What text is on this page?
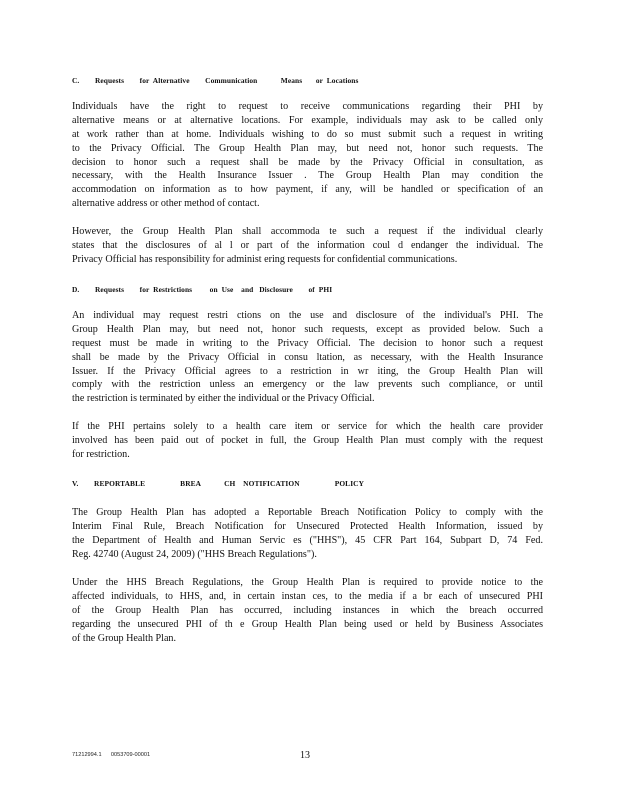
C.        Requests        for  Alternative        Communication            Means       or  Locations
Individuals have the right to request to receive communications regarding their PHI by
alternative means or at alternative locations. For example, individuals may ask to be called only
at work rather than at home. Individuals wishing to do so must submit such a request in writing
to the Privacy Official. The Group Health Plan may, but need not, honor such requests. The
decision to honor such a request shall be made by the Privacy Official in consultation, as
necessary, with the Health Insurance Issuer . The Group Health Plan may condition the
accommodation on information as to how payment, if any, will be handled or specification of an
alternative address or other method of contact.
However, the Group Health Plan shall accommoda te such a request if the individual clearly
states that the disclosures of al l or part of the information coul d endanger the individual. The
Privacy Official has responsibility for administ ering requests for confidential communications.
D.        Requests        for  Restrictions         on  Use    and   Disclosure        of  PHI
An individual may request restri ctions on the use and disclosure of the individual's PHI. The
Group Health Plan may, but need not, honor such requests, except as provided below. Such a
request must be made in writing to the Privacy Official. The decision to honor such a request
shall be made by the Privacy Official in consu ltation, as necessary, with the Health Insurance
Issuer. If the Privacy Official agrees to a restriction in wr iting, the Group Health Plan will
comply with the restriction unless an emergency or the law prevents such compliance, or until
the restriction is terminated by either the individual or the Privacy Official.
If the PHI pertains solely to a health care item or service for which the health care provider
involved has been paid out of pocket in full, the Group Health Plan must comply with the request
for restriction.
V.        REPORTABLE                  BREA            CH    NOTIFICATION                  POLICY
The Group Health Plan has adopted a Reportable Breach Notification Policy to comply with the
Interim Final Rule, Breach Notification for Unsecured Protected Health Information, issued by
the Department of Health and Human Servic es ("HHS"), 45 CFR Part 164, Subpart D, 74 Fed.
Reg. 42740 (August 24, 2009) ("HHS Breach Regulations").
Under the HHS Breach Regulations, the Group Health Plan is required to provide notice to the
affected individuals, to HHS, and, in certain instan ces, to the media if a br each of unsecured PHI
of the Group Health Plan has occurred, including instances in which the breach occurred
regarding the unsecured PHI of th e Group Health Plan being used or held by Business Associates
of the Group Health Plan.
71212994.1      0053709-00001	13
